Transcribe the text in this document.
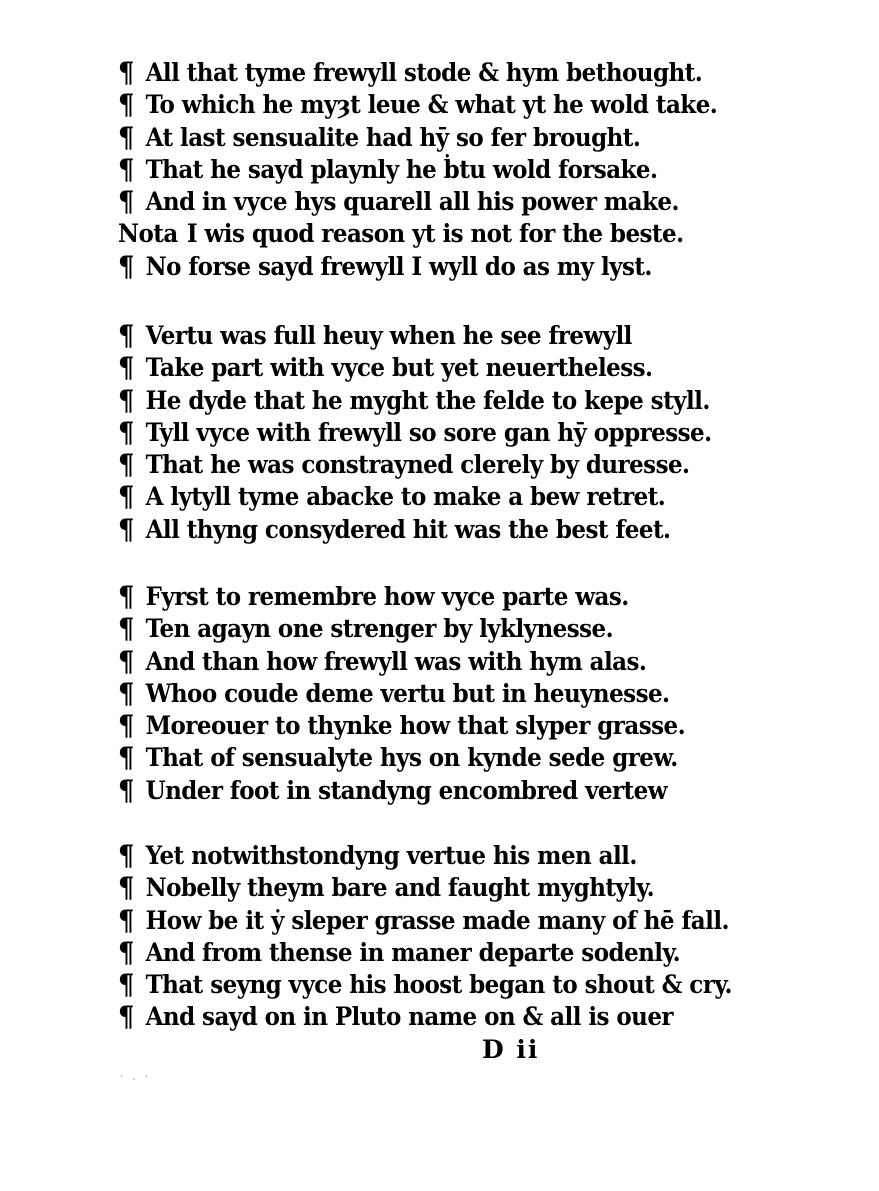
¶ All that tyme frewyll stode & hym bethought.
¶ To which he myȝt leue & what yt he wold take.
¶ At last sensualite had hȳ so fer brought.
¶ That he sayd playnly he ḃtu wold forsake.
¶ And in vyce hys quarell all his power make.
Nota I wis quod reason yt is not for the beste.
¶ No forse sayd frewyll I wyll do as my lyst.
¶ Vertu was full heuy when he see frewyll
¶ Take part with vyce but yet neuertheless.
¶ He dyde that he myght the felde to kepe styll.
¶ Tyll vyce with frewyll so sore gan hȳ oppresse.
¶ That he was constrayned clerely by duresse.
¶ A lytyll tyme abacke to make a bew retret.
¶ All thyng consydered hit was the best feet.
¶ Fyrst to remembre how vyce parte was.
¶ Ten agayn one strenger by lyklynesse.
¶ And than how frewyll was with hym alas.
¶ Whoo coude deme vertu but in heuynesse.
¶ Moreouer to thynke how that slyper grasse.
¶ That of sensualyte hys on kynde sede grew.
¶ Under foot in standyng encombred vertew
¶ Yet notwithstondyng vertue his men all.
¶ Nobelly theym bare and faught myghtyly.
¶ How be it ẏ sleper grasse made many of hē fall.
¶ And from thense in maner departe sodenly.
¶ That seyng vyce his hoost began to shout & cry.
¶ And sayd on in Pluto name on & all is ouer
D ii
· . ·
